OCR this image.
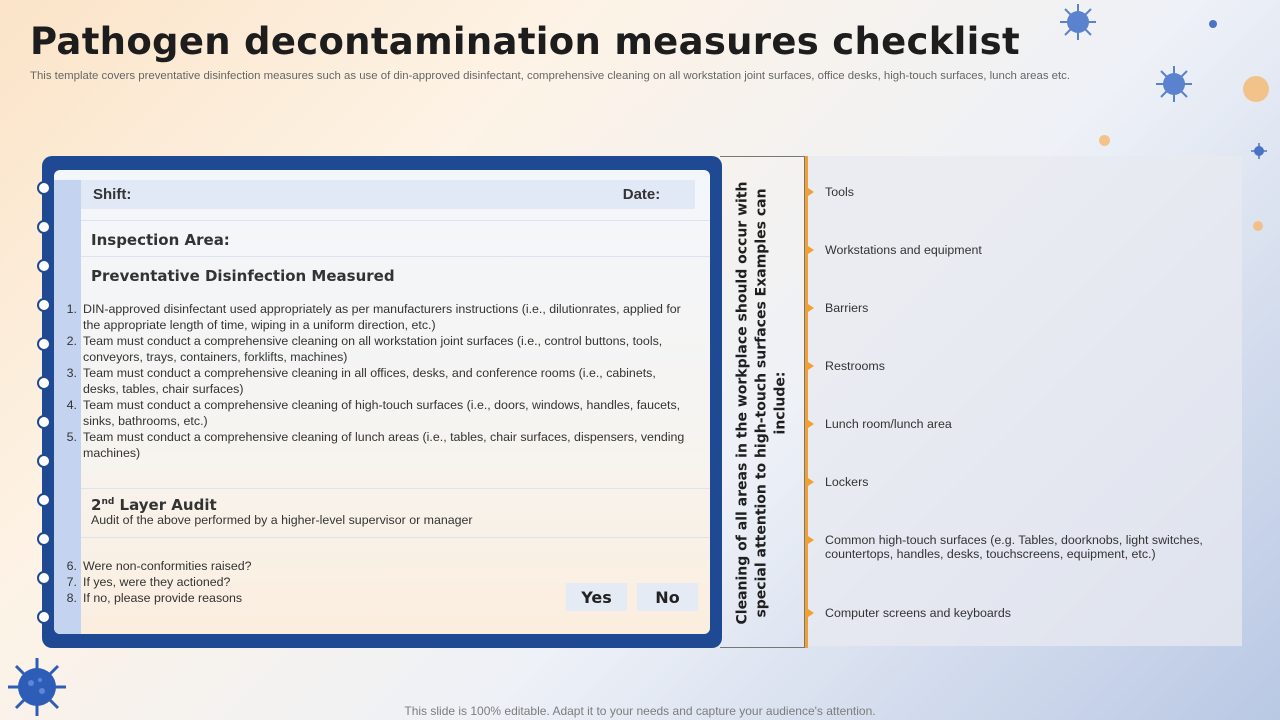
Pathogen decontamination measures checklist

This template covers preventative disinfection measures such as use of din-approved disinfectant, comprehensive cleaning on all workstation joint surfaces, office desks, high-touch surfaces, lunch areas etc.

Shift:	Date:
Inspection Area:
Preventative Disinfection Measured
1. DIN-approved disinfectant used appropriately as per manufacturers instructions (i.e., dilutionrates, applied for the appropriate length of time, wiping in a uniform direction, etc.)
2. Team must conduct a comprehensive cleaning on all workstation joint surfaces (i.e., control buttons, tools, conveyors, trays, containers, forklifts, machines)
3. Team must conduct a comprehensive cleaning in all offices, desks, and conference rooms (i.e., cabinets, desks, tables, chair surfaces)
4. Team must conduct a comprehensive cleaning of high-touch surfaces (i.e., doors, windows, handles, faucets, sinks, bathrooms, etc.)
5. Team must conduct a comprehensive cleaning of lunch areas (i.e., tables, chair surfaces, dispensers, vending machines)
2nd Layer Audit
Audit of the above performed by a higher-level supervisor or manager
6. Were non-conformities raised?
7. If yes, were they actioned?
8. If no, please provide reasons	Yes	No	Cleaning of all areas in the workplace should occur with special attention to high-touch surfaces Examples can include:
Tools
Workstations and equipment
Barriers
Restrooms
Lunch room/lunch area
Lockers
Common high-touch surfaces (e.g. Tables, doorknobs, light switches, countertops, handles, desks, touchscreens, equipment, etc.)
Computer screens and keyboards
This slide is 100% editable. Adapt it to your needs and capture your audience's attention.
